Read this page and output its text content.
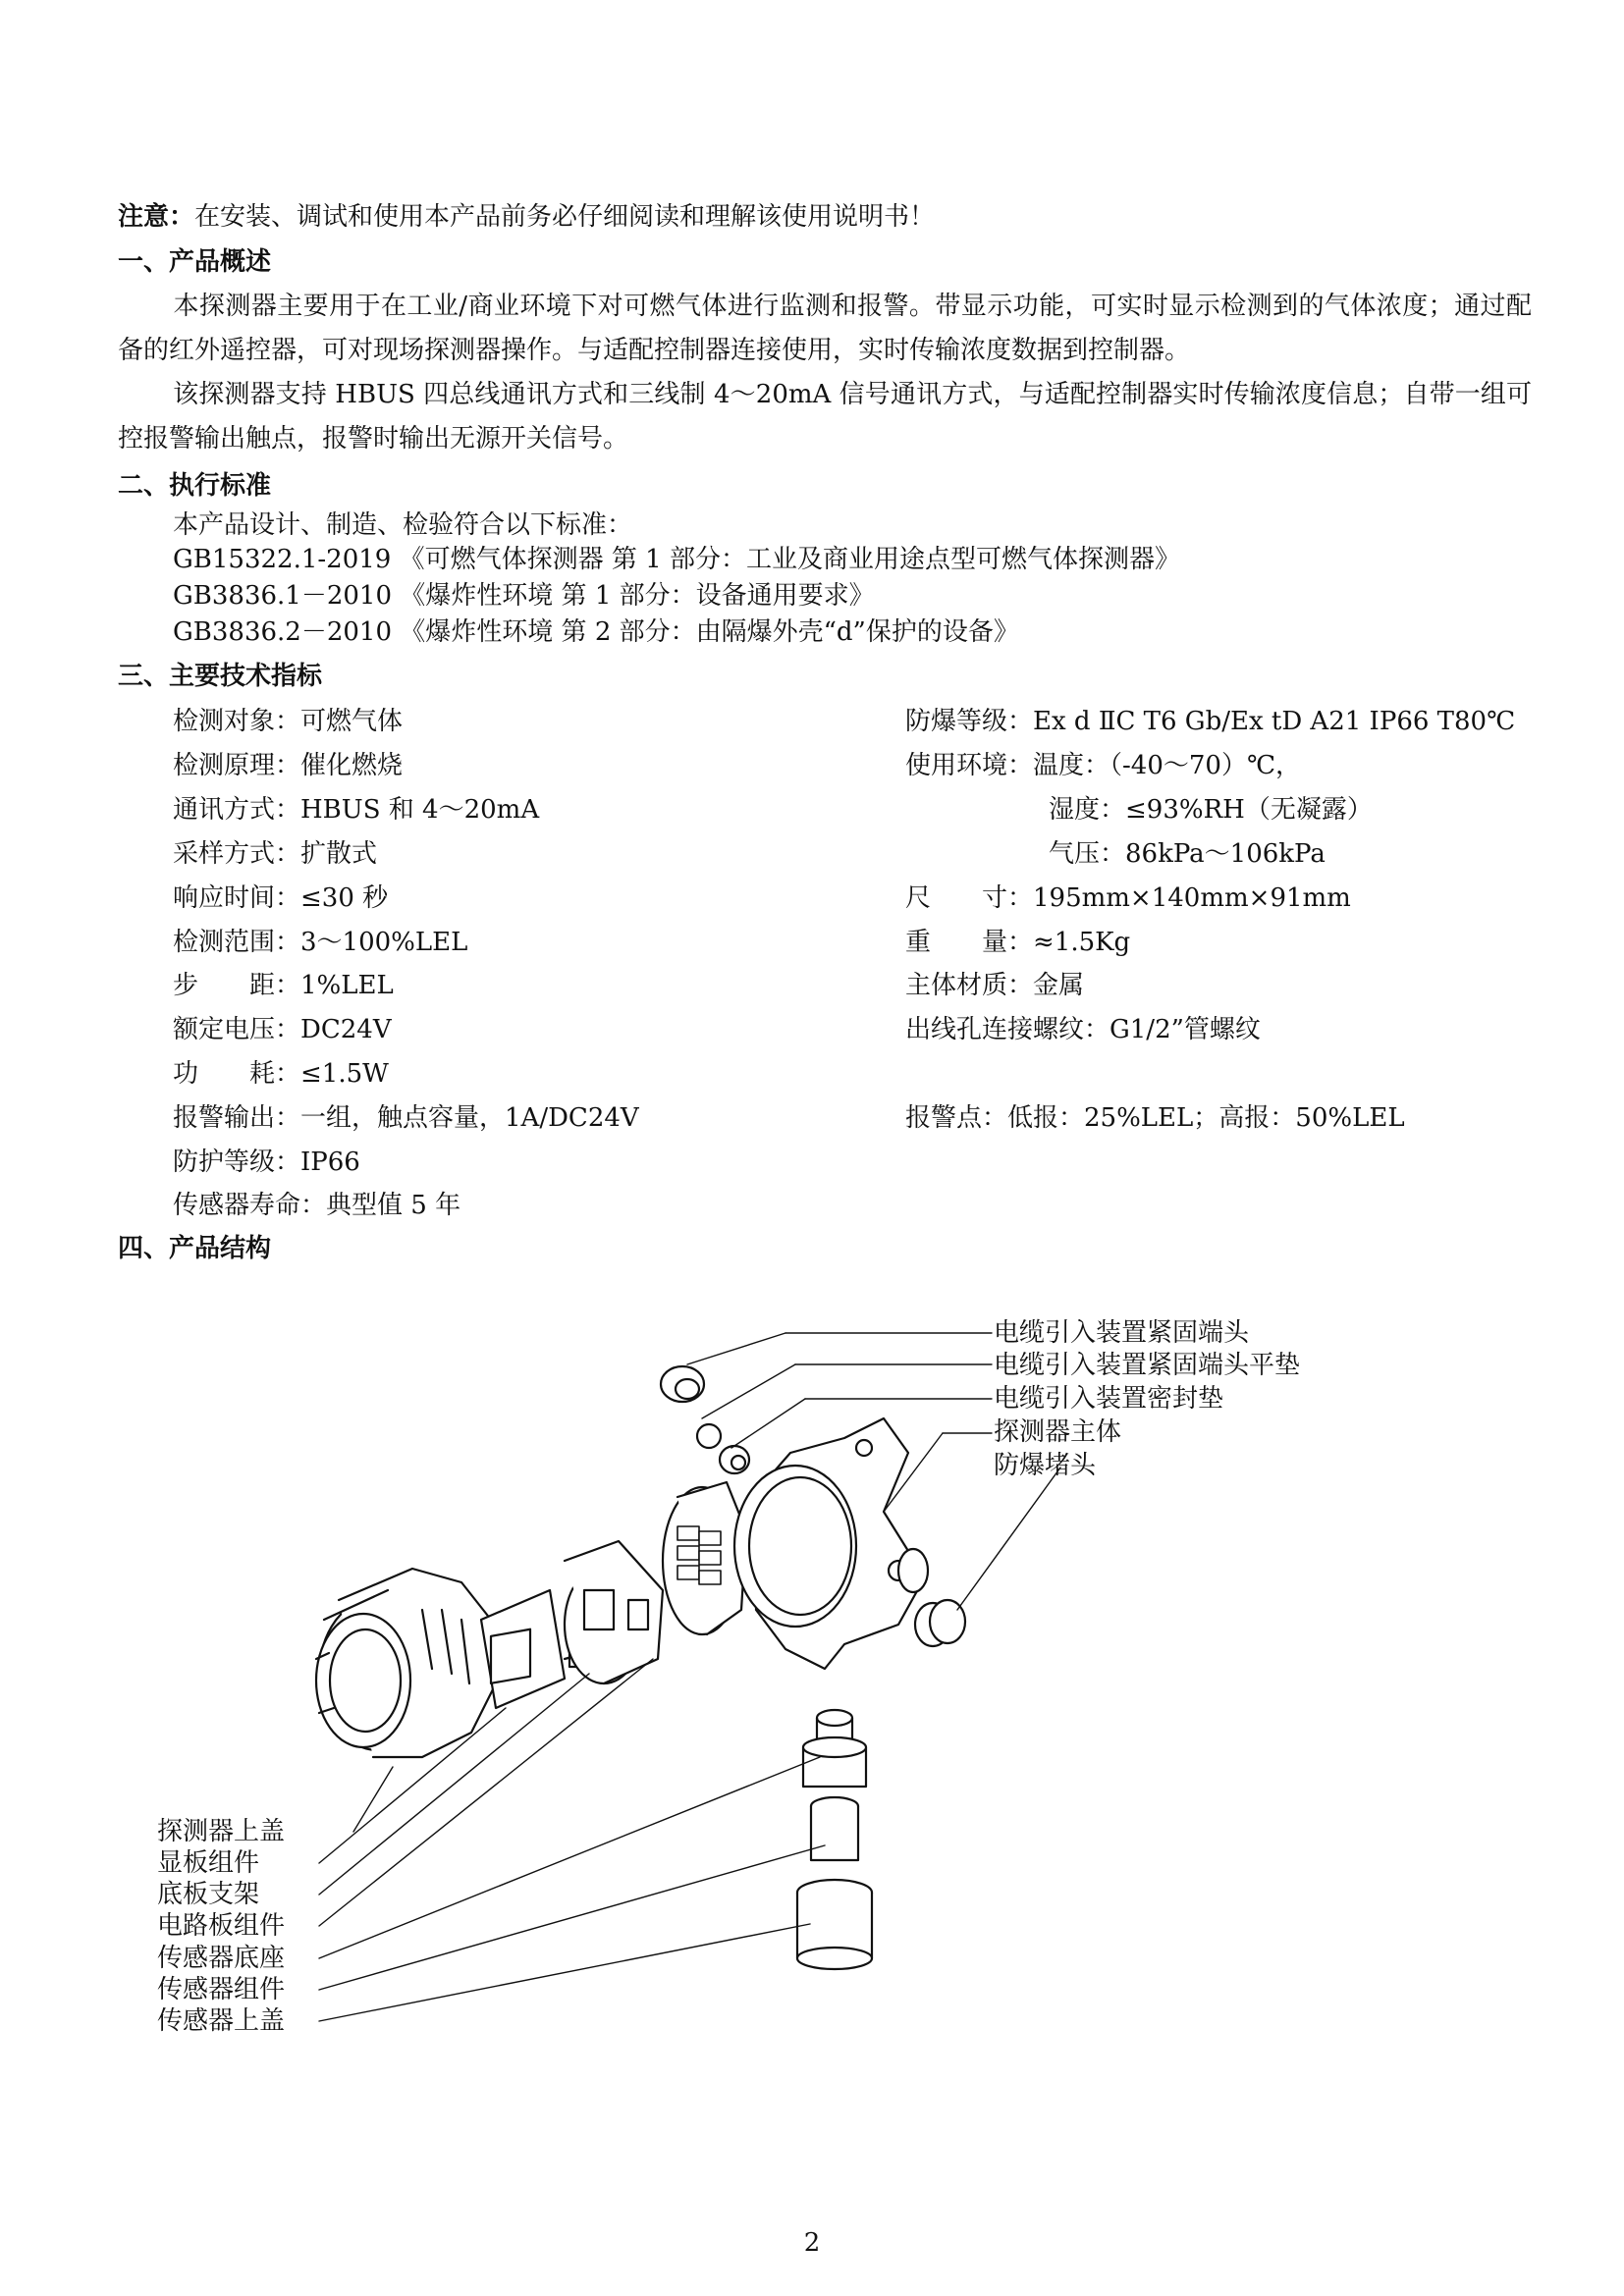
注意：在安装、调试和使用本产品前务必仔细阅读和理解该使用说明书！
一、产品概述
本探测器主要用于在工业/商业环境下对可燃气体进行监测和报警。带显示功能，可实时显示检测到的气体浓度；通过配备的红外遥控器，可对现场探测器操作。与适配控制器连接使用，实时传输浓度数据到控制器。
该探测器支持 HBUS 四总线通讯方式和三线制 4～20mA 信号通讯方式，与适配控制器实时传输浓度信息；自带一组可控报警输出触点，报警时输出无源开关信号。
二、执行标准
本产品设计、制造、检验符合以下标准：
GB15322.1-2019 《可燃气体探测器 第 1 部分：工业及商业用途点型可燃气体探测器》
GB3836.1－2010 《爆炸性环境 第 1 部分：设备通用要求》
GB3836.2－2010 《爆炸性环境 第 2 部分：由隔爆外壳“d”保护的设备》
三、主要技术指标
检测对象：可燃气体
检测原理：催化燃烧
通讯方式：HBUS 和 4～20mA
采样方式：扩散式
响应时间：≤30 秒
检测范围：3～100%LEL
步　　距：1%LEL
额定电压：DC24V
功　　耗：≤1.5W
报警输出：一组，触点容量，1A/DC24V
防护等级：IP66
传感器寿命：典型值 5 年
防爆等级：Ex d ⅡC T6 Gb/Ex tD A21 IP66 T80℃
使用环境：温度：（-40～70）℃，
湿度：≤93%RH（无凝露）
气压：86kPa～106kPa
尺　　寸：195mm×140mm×91mm
重　　量：≈1.5Kg
主体材质：金属
出线孔连接螺纹：G1/2”管螺纹
报警点：低报：25%LEL；高报：50%LEL
四、产品结构
电缆引入装置紧固端头
电缆引入装置紧固端头平垫
电缆引入装置密封垫
探测器主体
防爆堵头
探测器上盖
显板组件
底板支架
电路板组件
传感器底座
传感器组件
传感器上盖
2
